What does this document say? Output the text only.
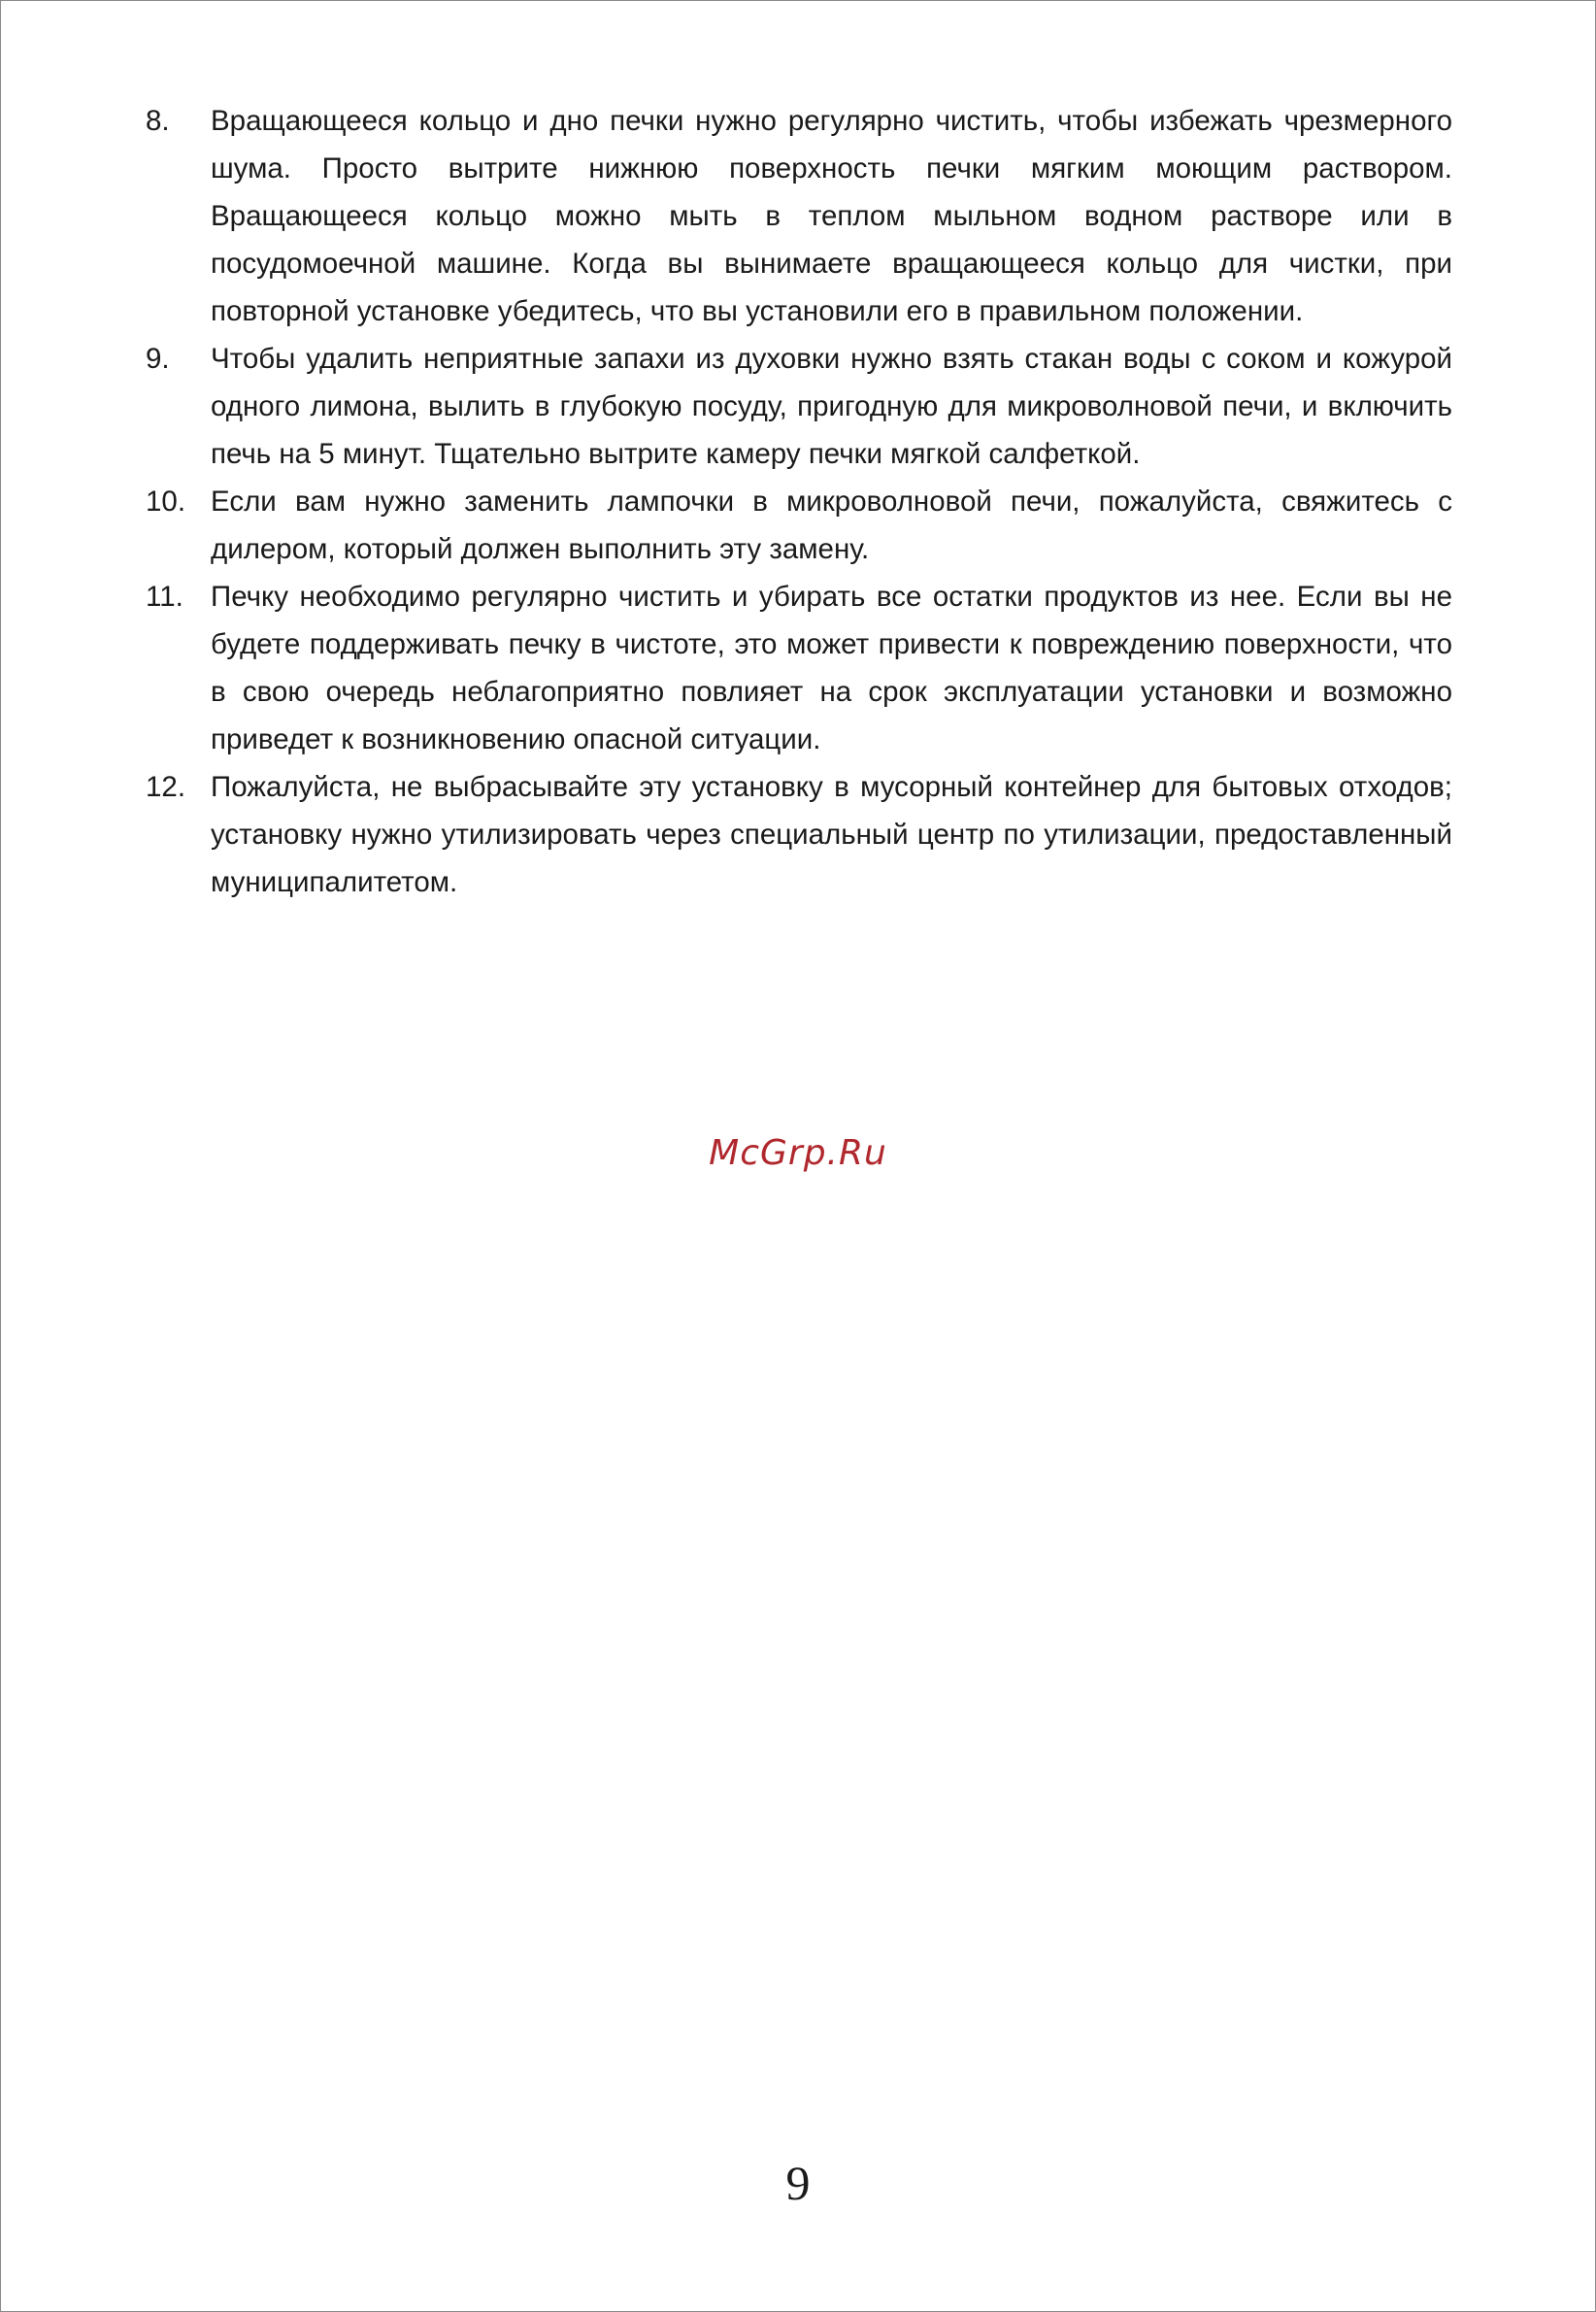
8.	Вращающееся кольцо и дно печки нужно регулярно чистить, чтобы избежать чрезмерного шума. Просто вытрите нижнюю поверхность печки мягким моющим раствором. Вращающееся кольцо можно мыть в теплом мыльном водном растворе или в посудомоечной машине. Когда вы вынимаете вращающееся кольцо для чистки, при повторной установке убедитесь, что вы установили его в правильном положении.
9.	Чтобы удалить неприятные запахи из духовки нужно взять стакан воды с соком и кожурой одного лимона, вылить в глубокую посуду, пригодную для микроволновой печи, и включить печь на 5 минут. Тщательно вытрите камеру печки мягкой салфеткой.
10. Если вам нужно заменить лампочки в микроволновой печи, пожалуйста, свяжитесь с дилером, который должен выполнить эту замену.
11. Печку необходимо регулярно чистить и убирать все остатки продуктов из нее. Если вы не будете поддерживать печку в чистоте, это может привести к повреждению поверхности, что в свою очередь неблагоприятно повлияет на срок эксплуатации установки и возможно приведет к возникновению опасной ситуации.
12. Пожалуйста, не выбрасывайте эту установку в мусорный контейнер для бытовых отходов; установку нужно утилизировать через специальный центр по утилизации, предоставленный муниципалитетом.
McGrp.Ru
9
